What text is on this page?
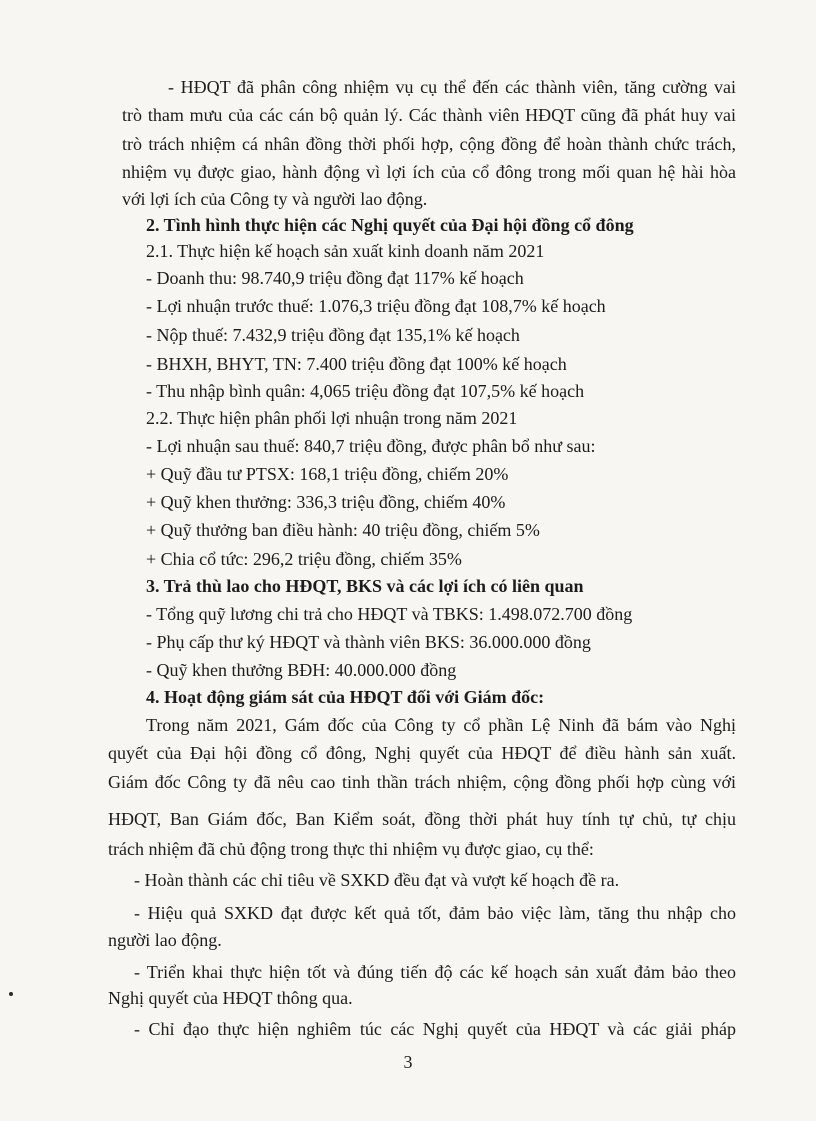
- HĐQT đã phân công nhiệm vụ cụ thể đến các thành viên, tăng cường vai
trò tham mưu của các cán bộ quản lý. Các thành viên HĐQT cũng đã phát huy vai
trò trách nhiệm cá nhân đồng thời phối hợp, cộng đồng để hoàn thành chức trách,
nhiệm vụ được giao, hành động vì lợi ích của cổ đông trong mối quan hệ hài hòa
với lợi ích của Công ty và người lao động.
2. Tình hình thực hiện các Nghị quyết của Đại hội đồng cổ đông
2.1. Thực hiện kế hoạch sản xuất kinh doanh năm 2021
- Doanh thu: 98.740,9 triệu đồng đạt 117% kế hoạch
- Lợi nhuận trước thuế: 1.076,3 triệu đồng đạt 108,7% kế hoạch
- Nộp thuế: 7.432,9 triệu đồng đạt 135,1% kế hoạch
- BHXH, BHYT, TN: 7.400 triệu đồng đạt 100% kế hoạch
- Thu nhập bình quân: 4,065 triệu đồng đạt 107,5% kế hoạch
2.2. Thực hiện phân phối lợi nhuận trong năm 2021
- Lợi nhuận sau thuế: 840,7 triệu đồng, được phân bổ như sau:
+ Quỹ đầu tư PTSX: 168,1 triệu đồng, chiếm 20%
+ Quỹ khen thưởng: 336,3 triệu đồng, chiếm 40%
+ Quỹ thưởng ban điều hành: 40 triệu đồng, chiếm 5%
+ Chia cổ tức: 296,2 triệu đồng, chiếm 35%
3. Trả thù lao cho HĐQT, BKS và các lợi ích có liên quan
- Tổng quỹ lương chi trả cho HĐQT và TBKS: 1.498.072.700 đồng
- Phụ cấp thư ký HĐQT và thành viên BKS: 36.000.000 đồng
- Quỹ khen thưởng BĐH: 40.000.000 đồng
4. Hoạt động giám sát của HĐQT đối với Giám đốc:
Trong năm 2021, Gám đốc của Công ty cổ phần Lệ Ninh đã bám vào Nghị
quyết của Đại hội đồng cổ đông, Nghị quyết của HĐQT để điều hành sản xuất.
Giám đốc Công ty đã nêu cao tinh thần trách nhiệm, cộng đồng phối hợp cùng với
HĐQT, Ban Giám đốc, Ban Kiểm soát, đồng thời phát huy tính tự chủ, tự chịu
trách nhiệm đã chủ động trong thực thi nhiệm vụ được giao, cụ thể:
- Hoàn thành các chỉ tiêu về SXKD đều đạt và vượt kế hoạch đề ra.
- Hiệu quả SXKD đạt được kết quả tốt, đảm bảo việc làm, tăng thu nhập cho
người lao động.
- Triển khai thực hiện tốt và đúng tiến độ các kế hoạch sản xuất đảm bảo theo
Nghị quyết của HĐQT thông qua.
- Chỉ đạo thực hiện nghiêm túc các Nghị quyết của HĐQT và các giải pháp
3
